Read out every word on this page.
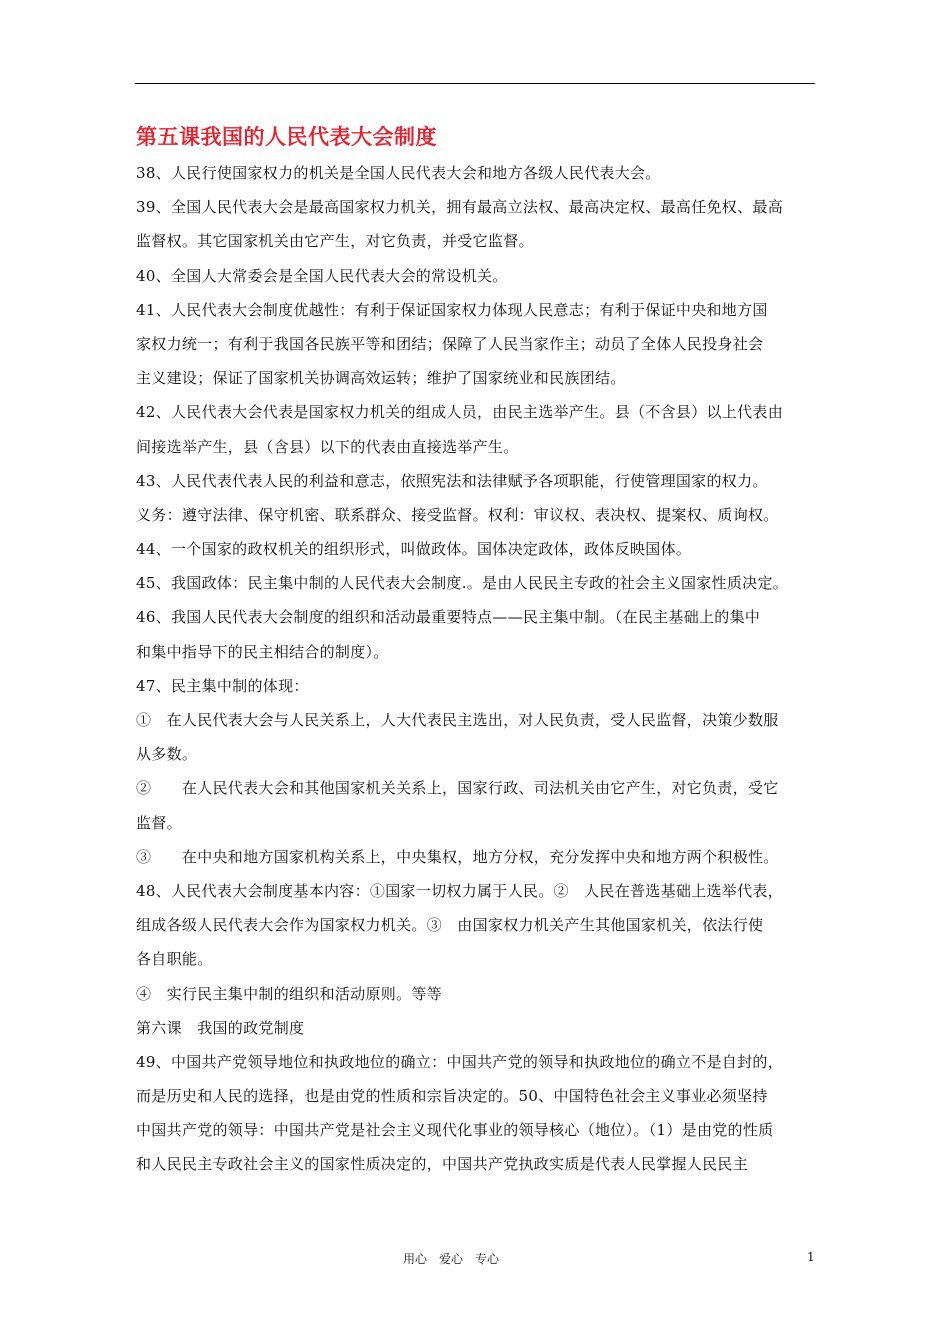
第五课我国的人民代表大会制度
38、人民行使国家权力的机关是全国人民代表大会和地方各级人民代表大会。
39、全国人民代表大会是最高国家权力机关，拥有最高立法权、最高决定权、最高任免权、最高
监督权。其它国家机关由它产生，对它负责，并受它监督。
40、全国人大常委会是全国人民代表大会的常设机关。
41、人民代表大会制度优越性：有利于保证国家权力体现人民意志；有利于保证中央和地方国
家权力统一；有利于我国各民族平等和团结；保障了人民当家作主；动员了全体人民投身社会
主义建设；保证了国家机关协调高效运转；维护了国家统业和民族团结。
42、人民代表大会代表是国家权力机关的组成人员，由民主选举产生。县（不含县）以上代表由
间接选举产生，县（含县）以下的代表由直接选举产生。
43、人民代表代表人民的利益和意志，依照宪法和法律赋予各项职能，行使管理国家的权力。
义务：遵守法律、保守机密、联系群众、接受监督。权利：审议权、表决权、提案权、质询权。
44、一个国家的政权机关的组织形式，叫做政体。国体决定政体，政体反映国体。
45、我国政体：民主集中制的人民代表大会制度.。是由人民民主专政的社会主义国家性质决定。
46、我国人民代表大会制度的组织和活动最重要特点——民主集中制。（在民主基础上的集中
和集中指导下的民主相结合的制度）。
47、民主集中制的体现：
①　在人民代表大会与人民关系上，人大代表民主选出，对人民负责，受人民监督，决策少数服
从多数。
②　　在人民代表大会和其他国家机关关系上，国家行政、司法机关由它产生，对它负责，受它
监督。
③　　在中央和地方国家机构关系上，中央集权，地方分权，充分发挥中央和地方两个积极性。
48、人民代表大会制度基本内容：①国家一切权力属于人民。②　人民在普选基础上选举代表，
组成各级人民代表大会作为国家权力机关。③　由国家权力机关产生其他国家机关，依法行使
各自职能。
④　实行民主集中制的组织和活动原则。等等
第六课　我国的政党制度
49、中国共产党领导地位和执政地位的确立：中国共产党的领导和执政地位的确立不是自封的，
而是历史和人民的选择，也是由党的性质和宗旨决定的。50、中国特色社会主义事业必须坚持
中国共产党的领导：中国共产党是社会主义现代化事业的领导核心（地位）。（1）是由党的性质
和人民民主专政社会主义的国家性质决定的，中国共产党执政实质是代表人民掌握人民民主
用心　爱心　专心	1
